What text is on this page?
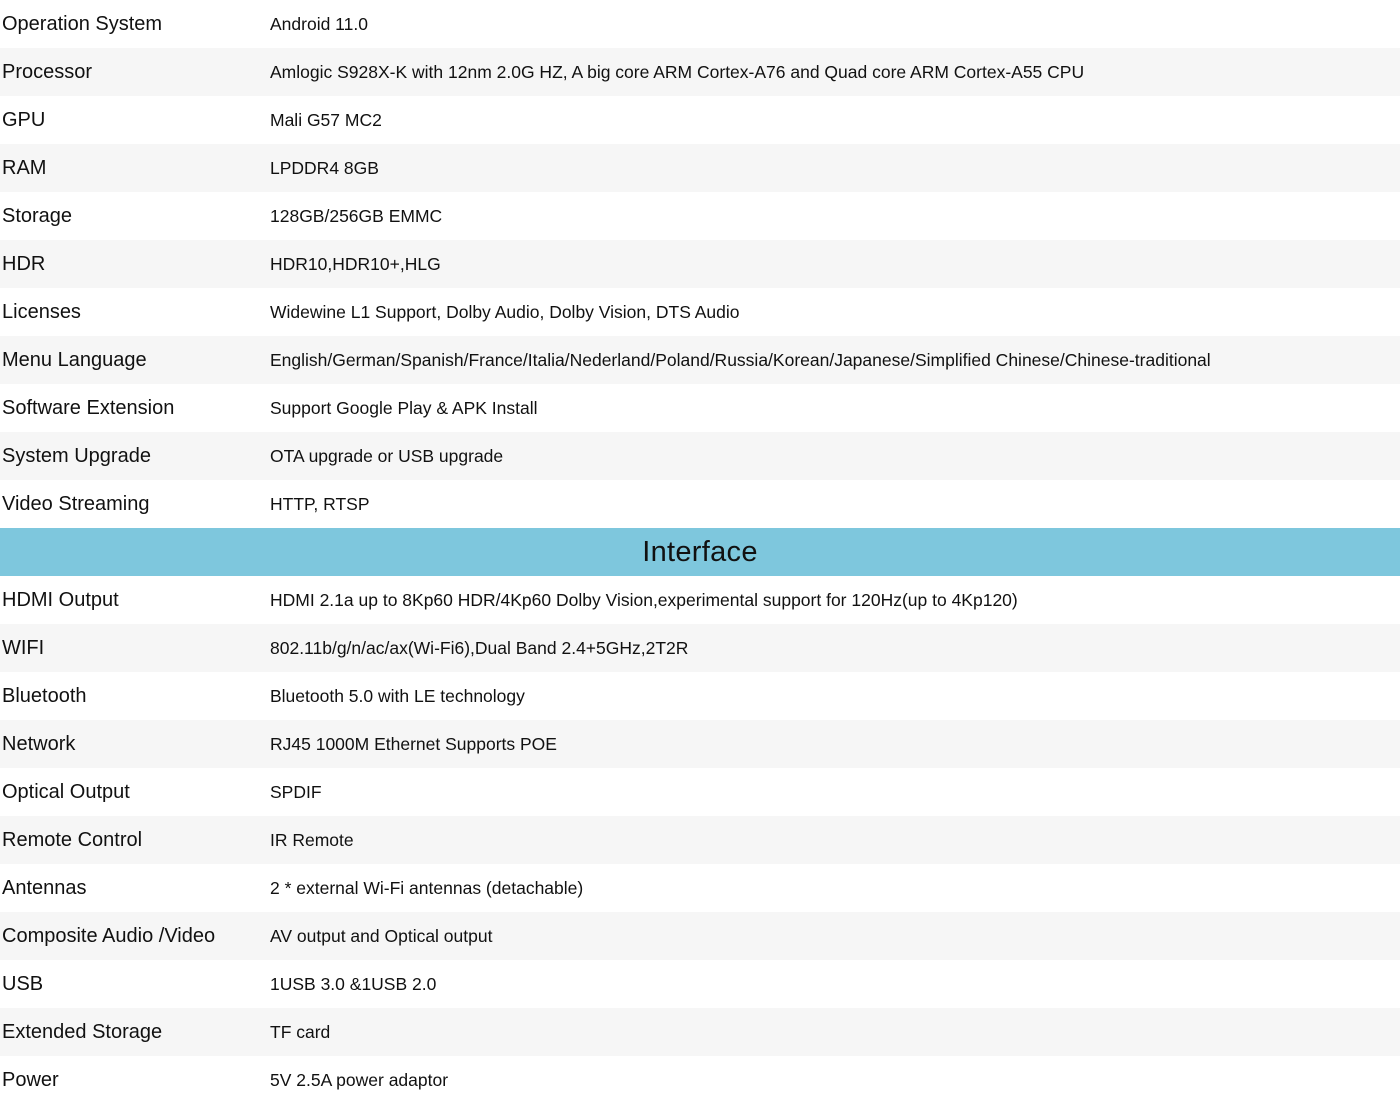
Operation System	Android 11.0
Processor	Amlogic S928X-K with 12nm 2.0G HZ, A big core ARM Cortex-A76 and Quad core ARM Cortex-A55 CPU
GPU	Mali G57 MC2
RAM	LPDDR4 8GB
Storage	128GB/256GB EMMC
HDR	HDR10,HDR10+,HLG
Licenses	Widewine L1 Support, Dolby Audio, Dolby Vision, DTS Audio
Menu Language	English/German/Spanish/France/Italia/Nederland/Poland/Russia/Korean/Japanese/Simplified Chinese/Chinese-traditional
Software Extension	Support Google Play & APK Install
System Upgrade	OTA upgrade or USB upgrade
Video Streaming	HTTP, RTSP
Interface
HDMI Output	HDMI 2.1a up to 8Kp60 HDR/4Kp60 Dolby Vision,experimental support for 120Hz(up to 4Kp120)
WIFI	802.11b/g/n/ac/ax(Wi-Fi6),Dual Band 2.4+5GHz,2T2R
Bluetooth	Bluetooth 5.0 with LE technology
Network	RJ45 1000M Ethernet Supports POE
Optical Output	SPDIF
Remote Control	IR Remote
Antennas	2 * external Wi-Fi antennas (detachable)
Composite Audio /Video	AV output and Optical output
USB	1USB 3.0 &1USB 2.0
Extended Storage	TF card
Power	5V 2.5A power adaptor
